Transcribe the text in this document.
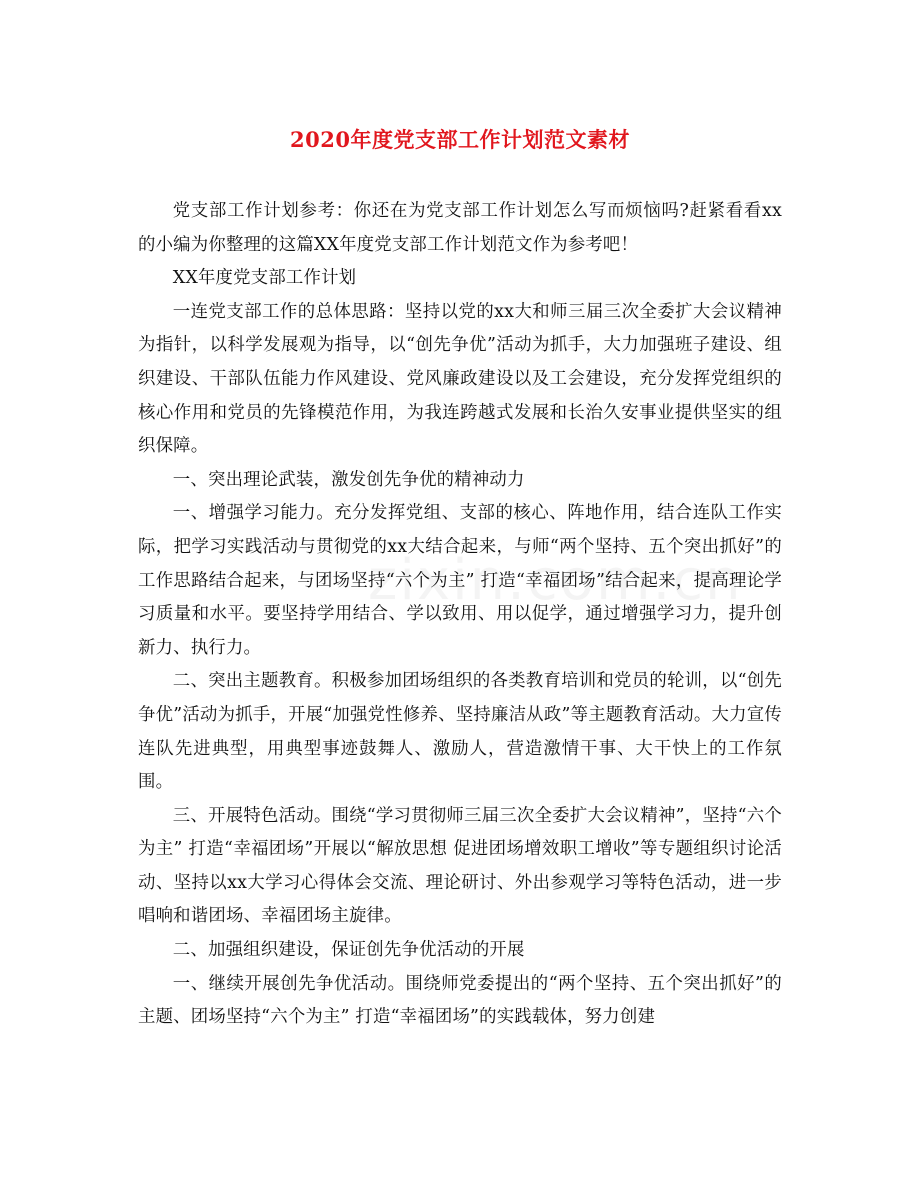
2020年度党支部工作计划范文素材

党支部工作计划参考：你还在为党支部工作计划怎么写而烦恼吗?赶紧看看xx的小编为你整理的这篇XX年度党支部工作计划范文作为参考吧！

XX年度党支部工作计划

一连党支部工作的总体思路：坚持以党的xx大和师三届三次全委扩大会议精神为指针，以科学发展观为指导，以“创先争优”活动为抓手，大力加强班子建设、组织建设、干部队伍能力作风建设、党风廉政建设以及工会建设，充分发挥党组织的核心作用和党员的先锋模范作用，为我连跨越式发展和长治久安事业提供坚实的组织保障。

一、突出理论武装，激发创先争优的精神动力

一、增强学习能力。充分发挥党组、支部的核心、阵地作用，结合连队工作实际，把学习实践活动与贯彻党的xx大结合起来，与师“两个坚持、五个突出抓好”的工作思路结合起来，与团场坚持“六个为主” 打造“幸福团场”结合起来，提高理论学习质量和水平。要坚持学用结合、学以致用、用以促学，通过增强学习力，提升创新力、执行力。

二、突出主题教育。积极参加团场组织的各类教育培训和党员的轮训，以“创先争优”活动为抓手，开展“加强党性修养、坚持廉洁从政”等主题教育活动。大力宣传连队先进典型，用典型事迹鼓舞人、激励人，营造激情干事、大干快上的工作氛围。

三、开展特色活动。围绕“学习贯彻师三届三次全委扩大会议精神”，坚持“六个为主” 打造“幸福团场”开展以“解放思想 促进团场增效职工增收”等专题组织讨论活动、坚持以xx大学习心得体会交流、理论研讨、外出参观学习等特色活动，进一步唱响和谐团场、幸福团场主旋律。

二、加强组织建设，保证创先争优活动的开展

一、继续开展创先争优活动。围绕师党委提出的“两个坚持、五个突出抓好”的主题、团场坚持“六个为主” 打造“幸福团场”的实践载体，努力创建
